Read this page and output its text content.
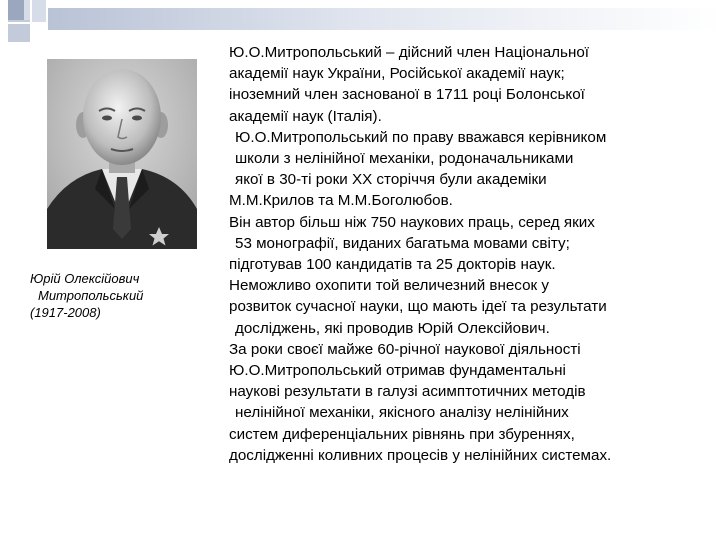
Юрій Олексійович
Митропольський
(1917-2008)
Ю.О.Митропольський – дійсний член Національної
академії наук України, Російської академії наук;
іноземний член заснованої в 1711 році Болонської
академії наук (Італія).
Ю.О.Митропольський по праву вважався керівником
школи з нелінійної механіки, родоначальниками
якої в 30-ті роки ХХ сторіччя були академіки
М.М.Крилов та М.М.Боголюбов.
Він автор більш ніж 750 наукових праць, серед яких
53 монографії, виданих багатьма мовами світу;
підготував 100 кандидатів та 25 докторів наук.
Неможливо охопити той величезний внесок у
розвиток сучасної науки, що мають ідеї та результати
досліджень, які проводив Юрій Олексійович.
За роки своєї майже 60-річної наукової діяльності
Ю.О.Митропольський отримав фундаментальні
наукові результати в галузі асимптотичних методів
нелінійної механіки, якісного аналізу нелінійних
систем диференціальних рівнянь при збуреннях,
дослідженні коливних процесів у нелінійних системах.
